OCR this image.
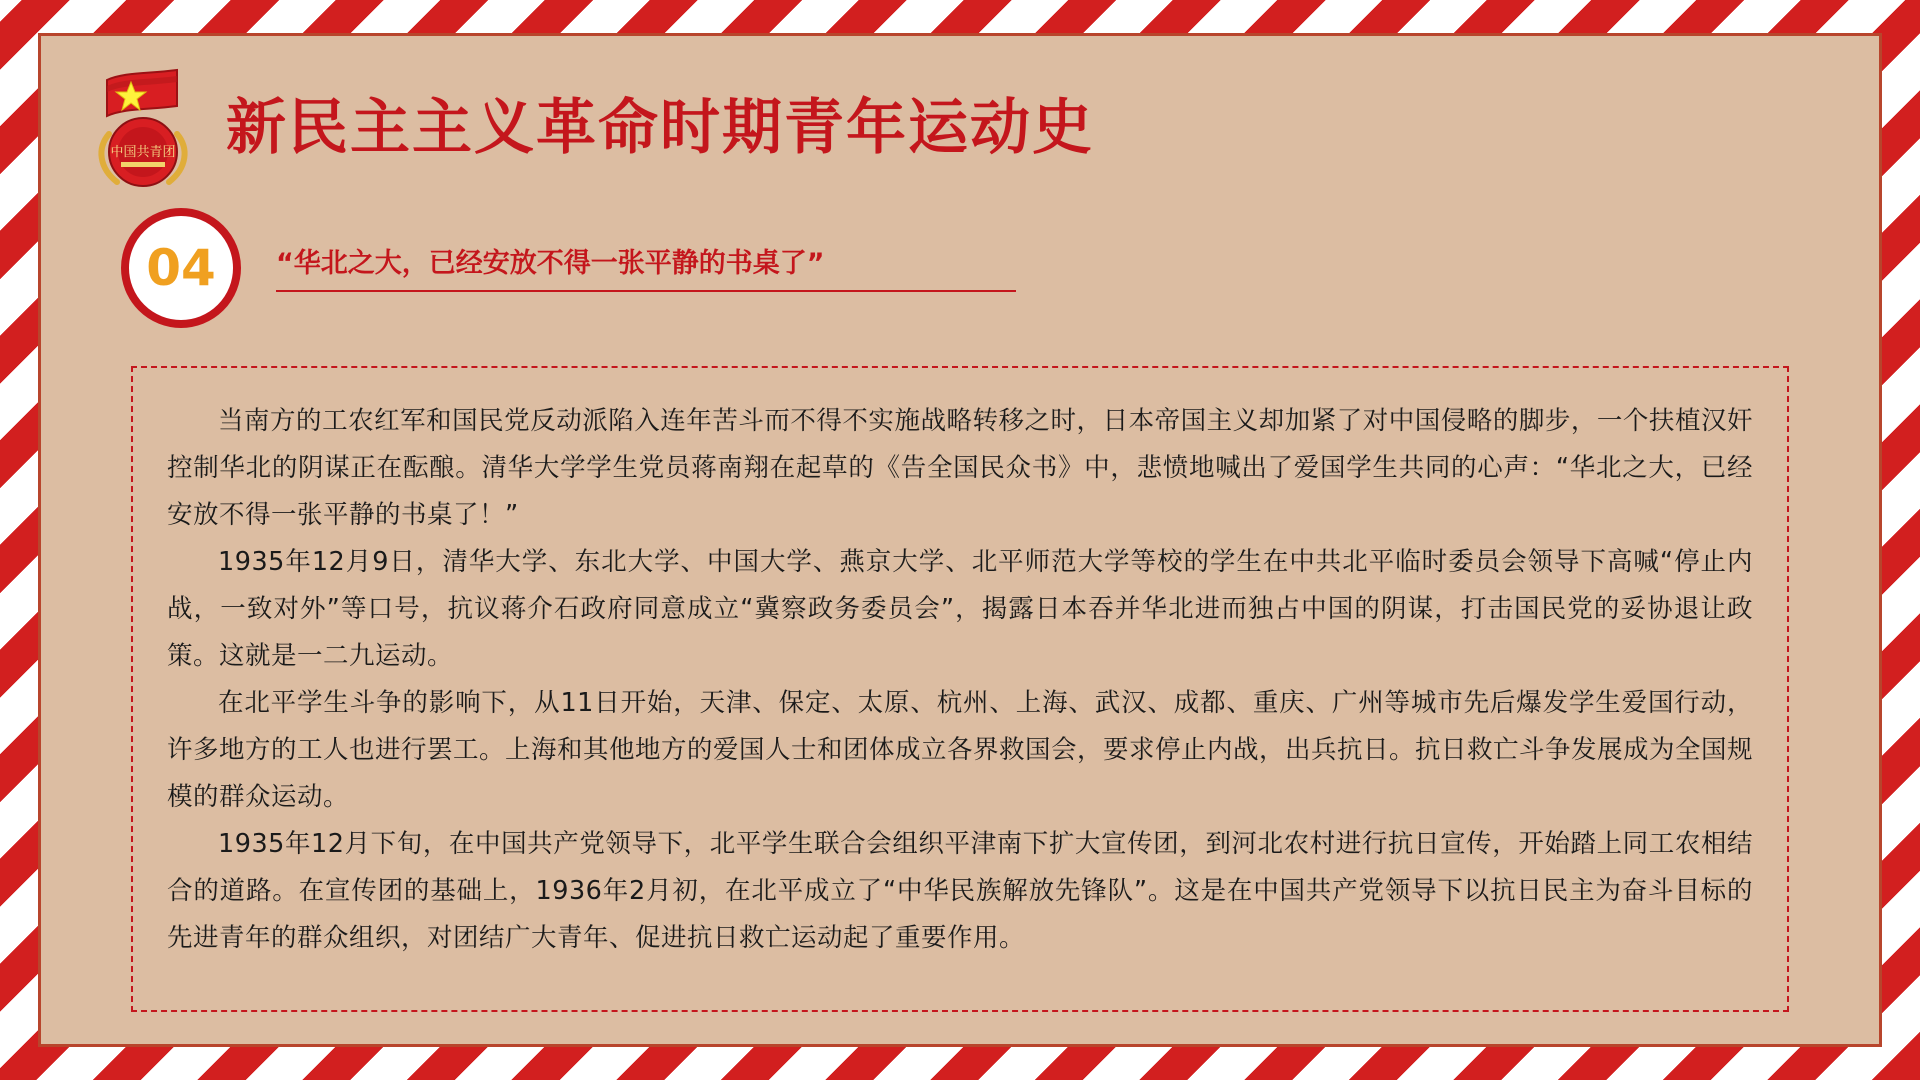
中国共青团 新民主主义革命时期青年运动史
04 “华北之大，已经安放不得一张平静的书桌了”

当南方的工农红军和国民党反动派陷入连年苦斗而不得不实施战略转移之时，日本帝国主义却加紧了对中国侵略的脚步，一个扶植汉奸控制华北的阴谋正在酝酿。清华大学学生党员蒋南翔在起草的《告全国民众书》中，悲愤地喊出了爱国学生共同的心声：“华北之大，已经安放不得一张平静的书桌了！”

1935年12月9日，清华大学、东北大学、中国大学、燕京大学、北平师范大学等校的学生在中共北平临时委员会领导下高喊“停止内战，一致对外”等口号，抗议蒋介石政府同意成立“冀察政务委员会”，揭露日本吞并华北进而独占中国的阴谋，打击国民党的妥协退让政策。这就是一二九运动。

在北平学生斗争的影响下，从11日开始，天津、保定、太原、杭州、上海、武汉、成都、重庆、广州等城市先后爆发学生爱国行动，许多地方的工人也进行罢工。上海和其他地方的爱国人士和团体成立各界救国会，要求停止内战，出兵抗日。抗日救亡斗争发展成为全国规模的群众运动。

1935年12月下旬，在中国共产党领导下，北平学生联合会组织平津南下扩大宣传团，到河北农村进行抗日宣传，开始踏上同工农相结合的道路。在宣传团的基础上，1936年2月初，在北平成立了“中华民族解放先锋队”。这是在中国共产党领导下以抗日民主为奋斗目标的先进青年的群众组织，对团结广大青年、促进抗日救亡运动起了重要作用。
